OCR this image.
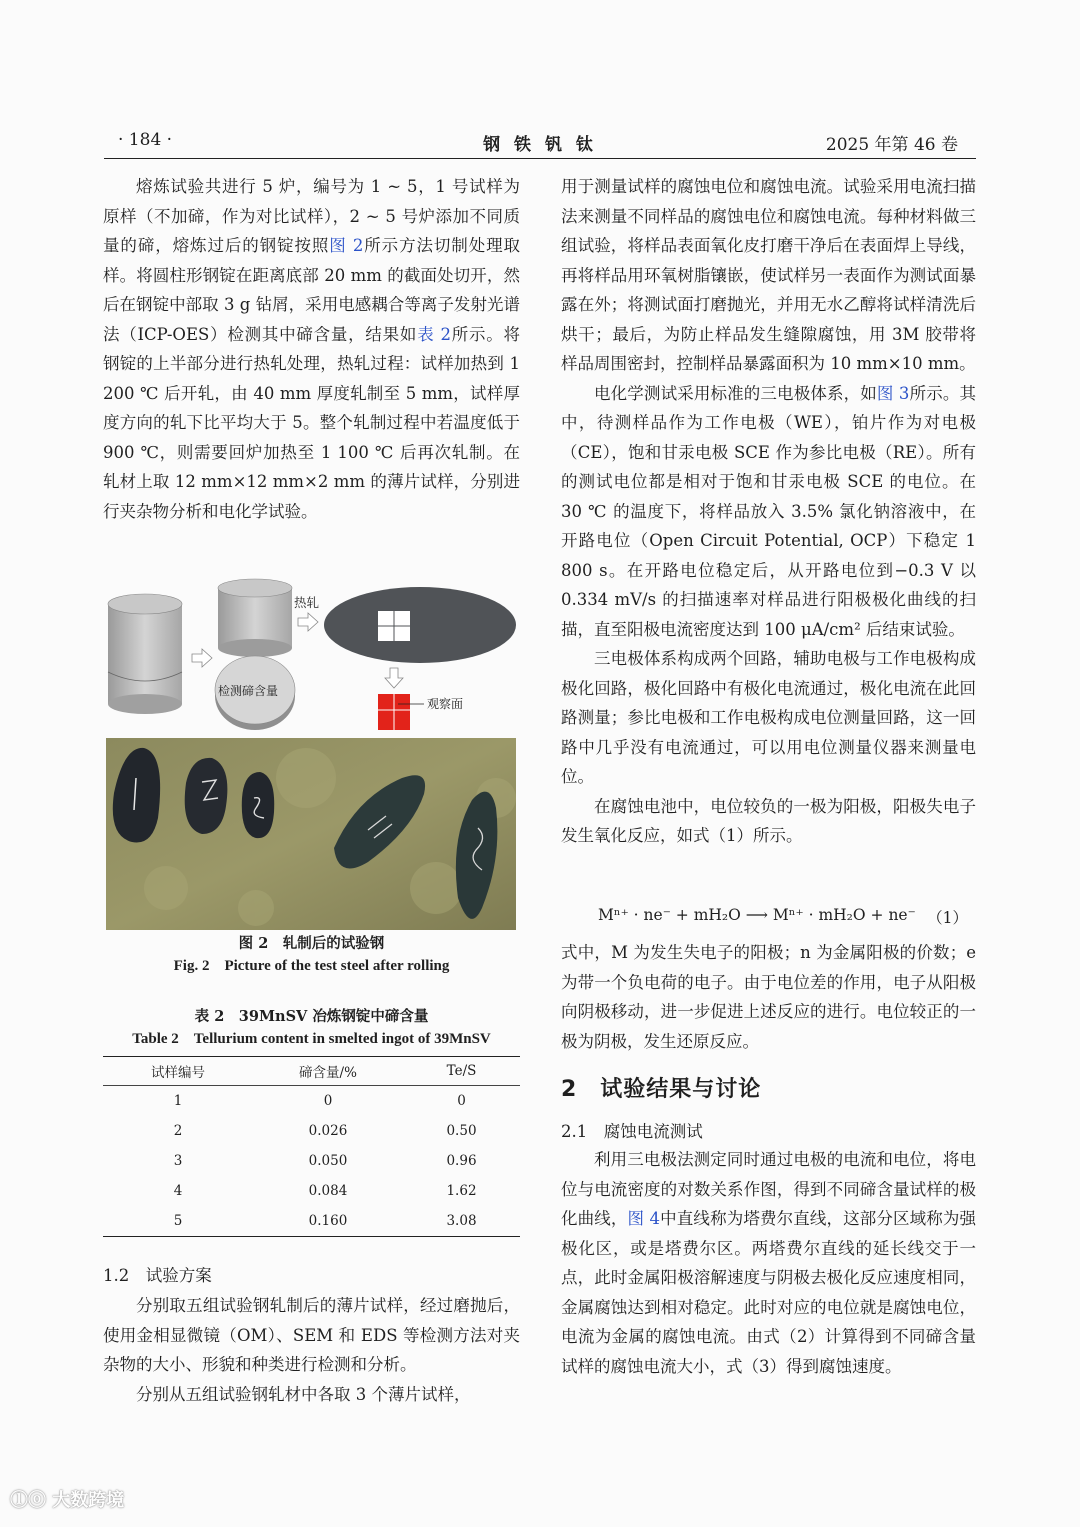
· 184 ·	钢 铁 钒 钛	2025 年第 46 卷

熔炼试验共进行 5 炉，编号为 1 ~ 5，1 号试样为原样（不加碲，作为对比试样），2 ~ 5 号炉添加不同质量的碲，熔炼过后的钢锭按照图 2所示方法切制处理取样。将圆柱形钢锭在距离底部 20 mm 的截面处切开，然后在钢锭中部取 3 g 钻屑，采用电感耦合等离子发射光谱法（ICP-OES）检测其中碲含量，结果如表 2所示。将钢锭的上半部分进行热轧处理，热轧过程：试样加热到 1 200 ℃ 后开轧，由 40 mm 厚度轧制至 5 mm，试样厚度方向的轧下比平均大于 5。整个轧制过程中若温度低于 900 ℃，则需要回炉加热至 1 100 ℃ 后再次轧制。在轧材上取 12 mm×12 mm×2 mm 的薄片试样，分别进行夹杂物分析和电化学试验。

检测碲含量
热轧
观察面
图 2　轧制后的试验钢
Fig. 2　Picture of the test steel after rolling
表 2　39MnSV 冶炼钢锭中碲含量
Table 2　Tellurium content in smelted ingot of 39MnSV
试样编号	碲含量/%	Te/S
1	0	0
2	0.026	0.50
3	0.050	0.96
4	0.084	1.62
5	0.160	3.08
1.2　试验方案

分别取五组试验钢轧制后的薄片试样，经过磨抛后，使用金相显微镜（OM）、SEM 和 EDS 等检测方法对夹杂物的大小、形貌和种类进行检测和分析。

分别从五组试验钢轧材中各取 3 个薄片试样，

用于测量试样的腐蚀电位和腐蚀电流。试验采用电流扫描法来测量不同样品的腐蚀电位和腐蚀电流。每种材料做三组试验，将样品表面氧化皮打磨干净后在表面焊上导线，再将样品用环氧树脂镶嵌，使试样另一表面作为测试面暴露在外；将测试面打磨抛光，并用无水乙醇将试样清洗后烘干；最后，为防止样品发生缝隙腐蚀，用 3M 胶带将样品周围密封，控制样品暴露面积为 10 mm×10 mm。

电化学测试采用标准的三电极体系，如图 3所示。其中，待测样品作为工作电极（WE），铂片作为对电极（CE），饱和甘汞电极 SCE 作为参比电极（RE）。所有的测试电位都是相对于饱和甘汞电极 SCE 的电位。在 30 ℃ 的温度下，将样品放入 3.5% 氯化钠溶液中，在开路电位（Open Circuit Potential, OCP）下稳定 1 800 s。在开路电位稳定后，从开路电位到−0.3 V 以 0.334 mV/s 的扫描速率对样品进行阳极极化曲线的扫描，直至阳极电流密度达到 100 μA/cm² 后结束试验。

三电极体系构成两个回路，辅助电极与工作电极构成极化回路，极化回路中有极化电流通过，极化电流在此回路测量；参比电极和工作电极构成电位测量回路，这一回路中几乎没有电流通过，可以用电位测量仪器来测量电位。

在腐蚀电池中，电位较负的一极为阳极，阳极失电子发生氧化反应，如式（1）所示。

Mⁿ⁺ · ne⁻ + mH₂O ⟶ Mⁿ⁺ · mH₂O + ne⁻ （1）

式中，M 为发生失电子的阳极；n 为金属阳极的价数；e 为带一个负电荷的电子。由于电位差的作用，电子从阳极向阴极移动，进一步促进上述反应的进行。电位较正的一极为阴极，发生还原反应。

2　试验结果与讨论
2.1　腐蚀电流测试

利用三电极法测定同时通过电极的电流和电位，将电位与电流密度的对数关系作图，得到不同碲含量试样的极化曲线，图 4中直线称为塔费尔直线，这部分区域称为强极化区，或是塔费尔区。两塔费尔直线的延长线交于一点，此时金属阳极溶解速度与阴极去极化反应速度相同，金属腐蚀达到相对稳定。此时对应的电位就是腐蚀电位，电流为金属的腐蚀电流。由式（2）计算得到不同碲含量试样的腐蚀电流大小，式（3）得到腐蚀速度。

ⓛⓞ 大数跨境
